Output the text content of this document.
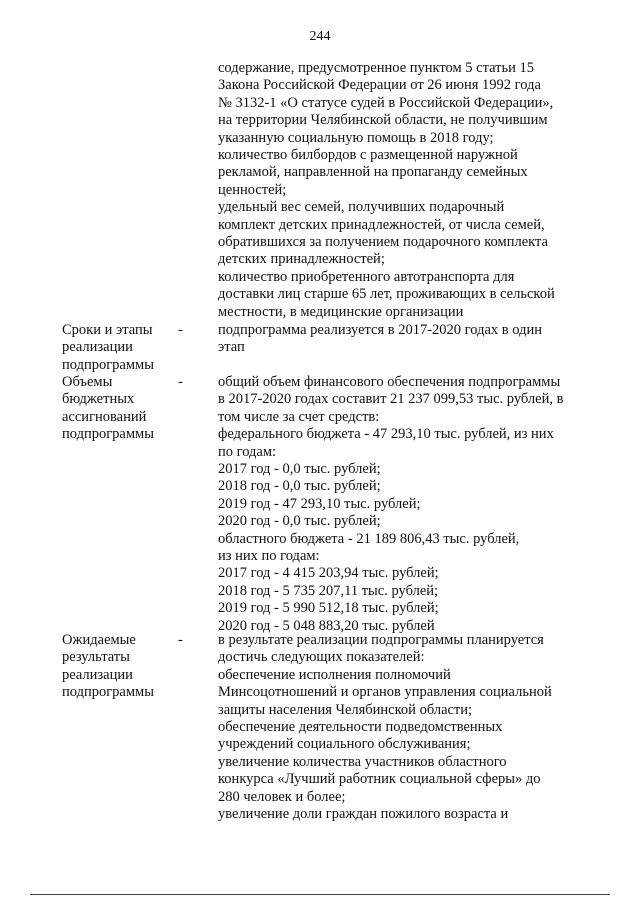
244
содержание, предусмотренное пунктом 5 статьи 15
Закона Российской Федерации от 26 июня 1992 года
№ 3132-1 «О статусе судей в Российской Федерации»,
на территории Челябинской области, не получившим
указанную социальную помощь в 2018 году;
количество билбордов с размещенной наружной
рекламой, направленной на пропаганду семейных
ценностей;
удельный вес семей, получивших подарочный
комплект детских принадлежностей, от числа семей,
обратившихся за получением подарочного комплекта
детских принадлежностей;
количество приобретенного автотранспорта для
доставки лиц старше 65 лет, проживающих в сельской
местности, в медицинские организации
Сроки и этапы
реализации
подпрограммы
-	подпрограмма реализуется в 2017-2020 годах в один
этап
Объемы
бюджетных
ассигнований
подпрограммы
-	общий объем финансового обеспечения подпрограммы
в 2017-2020 годах составит 21 237 099,53 тыс. рублей, в
том числе за счет средств:
федерального бюджета - 47 293,10 тыс. рублей, из них
по годам:
2017 год - 0,0 тыс. рублей;
2018 год - 0,0 тыс. рублей;
2019 год - 47 293,10 тыс. рублей;
2020 год - 0,0 тыс. рублей;
областного бюджета - 21 189 806,43 тыс. рублей,
из них по годам:
2017 год - 4 415 203,94 тыс. рублей;
2018 год - 5 735 207,11 тыс. рублей;
2019 год - 5 990 512,18 тыс. рублей;
2020 год - 5 048 883,20 тыс. рублей
Ожидаемые
результаты
реализации
подпрограммы
-	в результате реализации подпрограммы планируется
достичь следующих показателей:
обеспечение исполнения полномочий
Минсоцотношений и органов управления социальной
защиты населения Челябинской области;
обеспечение деятельности подведомственных
учреждений социального обслуживания;
увеличение количества участников областного
конкурса «Лучший работник социальной сферы» до
280 человек и более;
увеличение доли граждан пожилого возраста и
